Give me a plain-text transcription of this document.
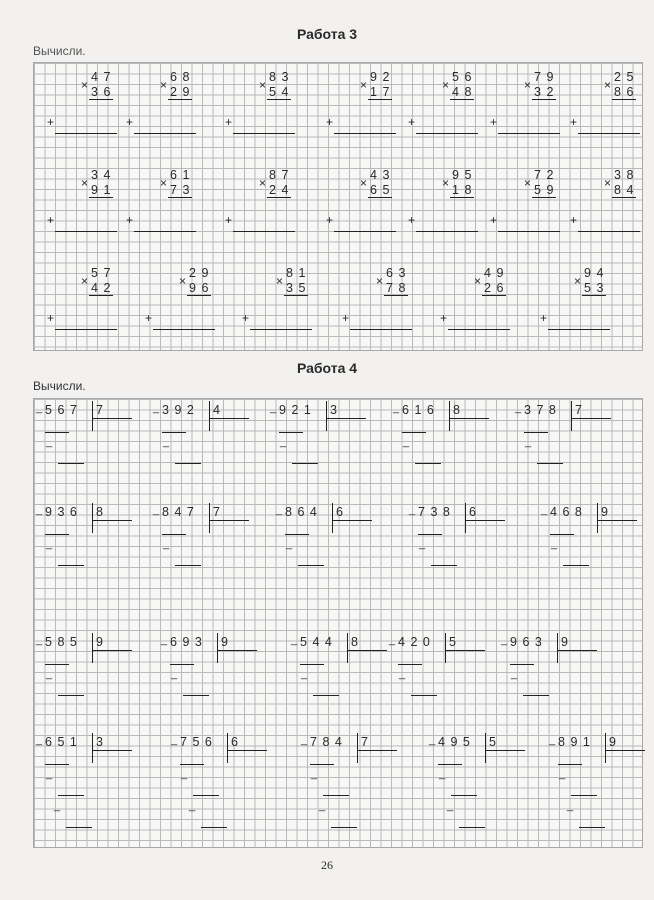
Работа 3

Вычисли.

47
× 36
+
68
× 29
+
83
× 54
+
92
× 17
+
56
× 48
+
79
× 32
+
25
× 86
+
34
× 91
+
61
× 73
+
87
× 24
+
43
× 65
+
95
× 18
+
72
× 59
+
38
× 84
+
57
× 42
+
29
× 96
+
81
× 35
+
63
× 78
+
49
× 26
+
94
× 53
+
Работа 4

Вычисли.

_ 567 7
_
_ 392 4
_
_ 921 3
_
_ 616 8
_
_ 378 7
_
_ 936 8
_
_ 847 7
_
_ 864 6
_
_ 738 6
_
_ 468 9
_
_ 585 9
_
_ 693 9
_
_ 544 8
_
_ 420 5
_
_ 963 9
_
_ 651 3
_
_
_ 756 6
_
_
_ 784 7
_
_
_ 495 5
_
_
_ 891 9
_
_
26
